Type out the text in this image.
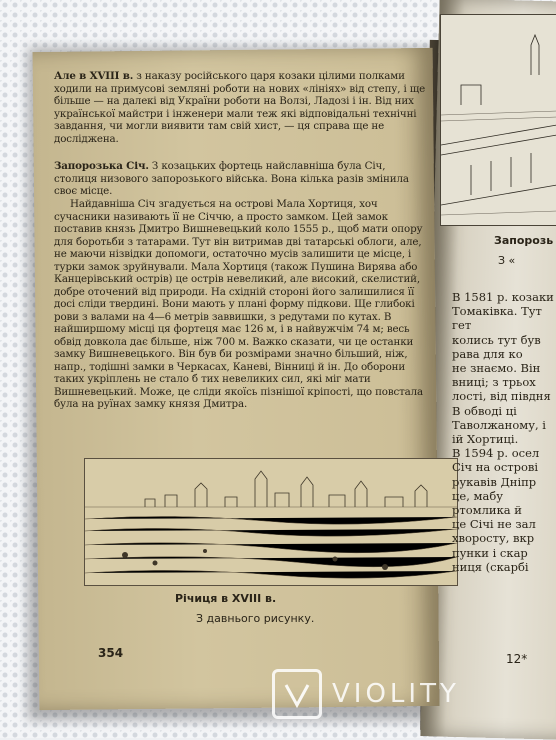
Але в XVIII в. з наказу російського царя козаки цілими полками ходили на примусові земляні роботи на нових «лініях» від степу, і ще більше — на далекі від України роботи на Волзі, Ладозі і ін. Від них української майстри і інженери мали теж які відповідальні технічні завдання, чи могли виявити там свій хист, — ця справа ще не досліджена.
Запорозька Січ. З козацьких фортець найславніша була Січ, столиця низового запорозького війська. Вона кількa разів змінила своє місце.
Найдавніша Січ згадується на острові Мала Хортиця, хоч сучасники називають її не Січчю, а просто замком. Цей замок поставив князь Дмитро Вишневецький коло 1555 р., щоб мати опору для боротьби з татарами. Тут він витримав дві татарські облоги, але, не маючи нізвідки допомоги, остаточно мусів залишити це місце, і турки замок зруйнували. Мала Хортиця (також Пушина Вирява або Канцерівський острів) це острів невеликий, але високий, скелистий, добре оточений від природи. На східній стороні його залишилися її досі сліди твердині. Вони мають у плані форму підкови. Ще глибокі рови з валами на 4—6 метрів заввишки, з редутами по кутах. В найширшому місці ця фортеця має 126 м, і в найвужчім 74 м; весь обвід довкола дає більше, ніж 700 м. Важко сказати, чи це останки замку Вишневецького. Він був би розмірами значно більший, ніж, напр., тодішні замки в Черкасах, Каневі, Вінниці й ін. До оборони таких укріплень не стало б тих невеликих сил, які міг мати Вишневецький. Може, це сліди якоїсь пізнішої кріпості, що повстала була на руїнах замку князя Дмитра.
Річиця в XVIII в.
З давнього рисунку.
354
Запорозь
З «
В 1581 р. козаки
Томаківка. Тут гет
колись тут був
рава для ко
не знаємо. Він
вниці; з трьох
лості, від півдня
В обводі ці
Таволжаному, і
ій Хортиці.
В 1594 р. осел
Січ на острові
рукавів Дніпр
це, мабу
ртомлика й
це Січі не зал
хворосту, вкр
пунки і скар
ниця (скарбі
12*
VIOLITY
